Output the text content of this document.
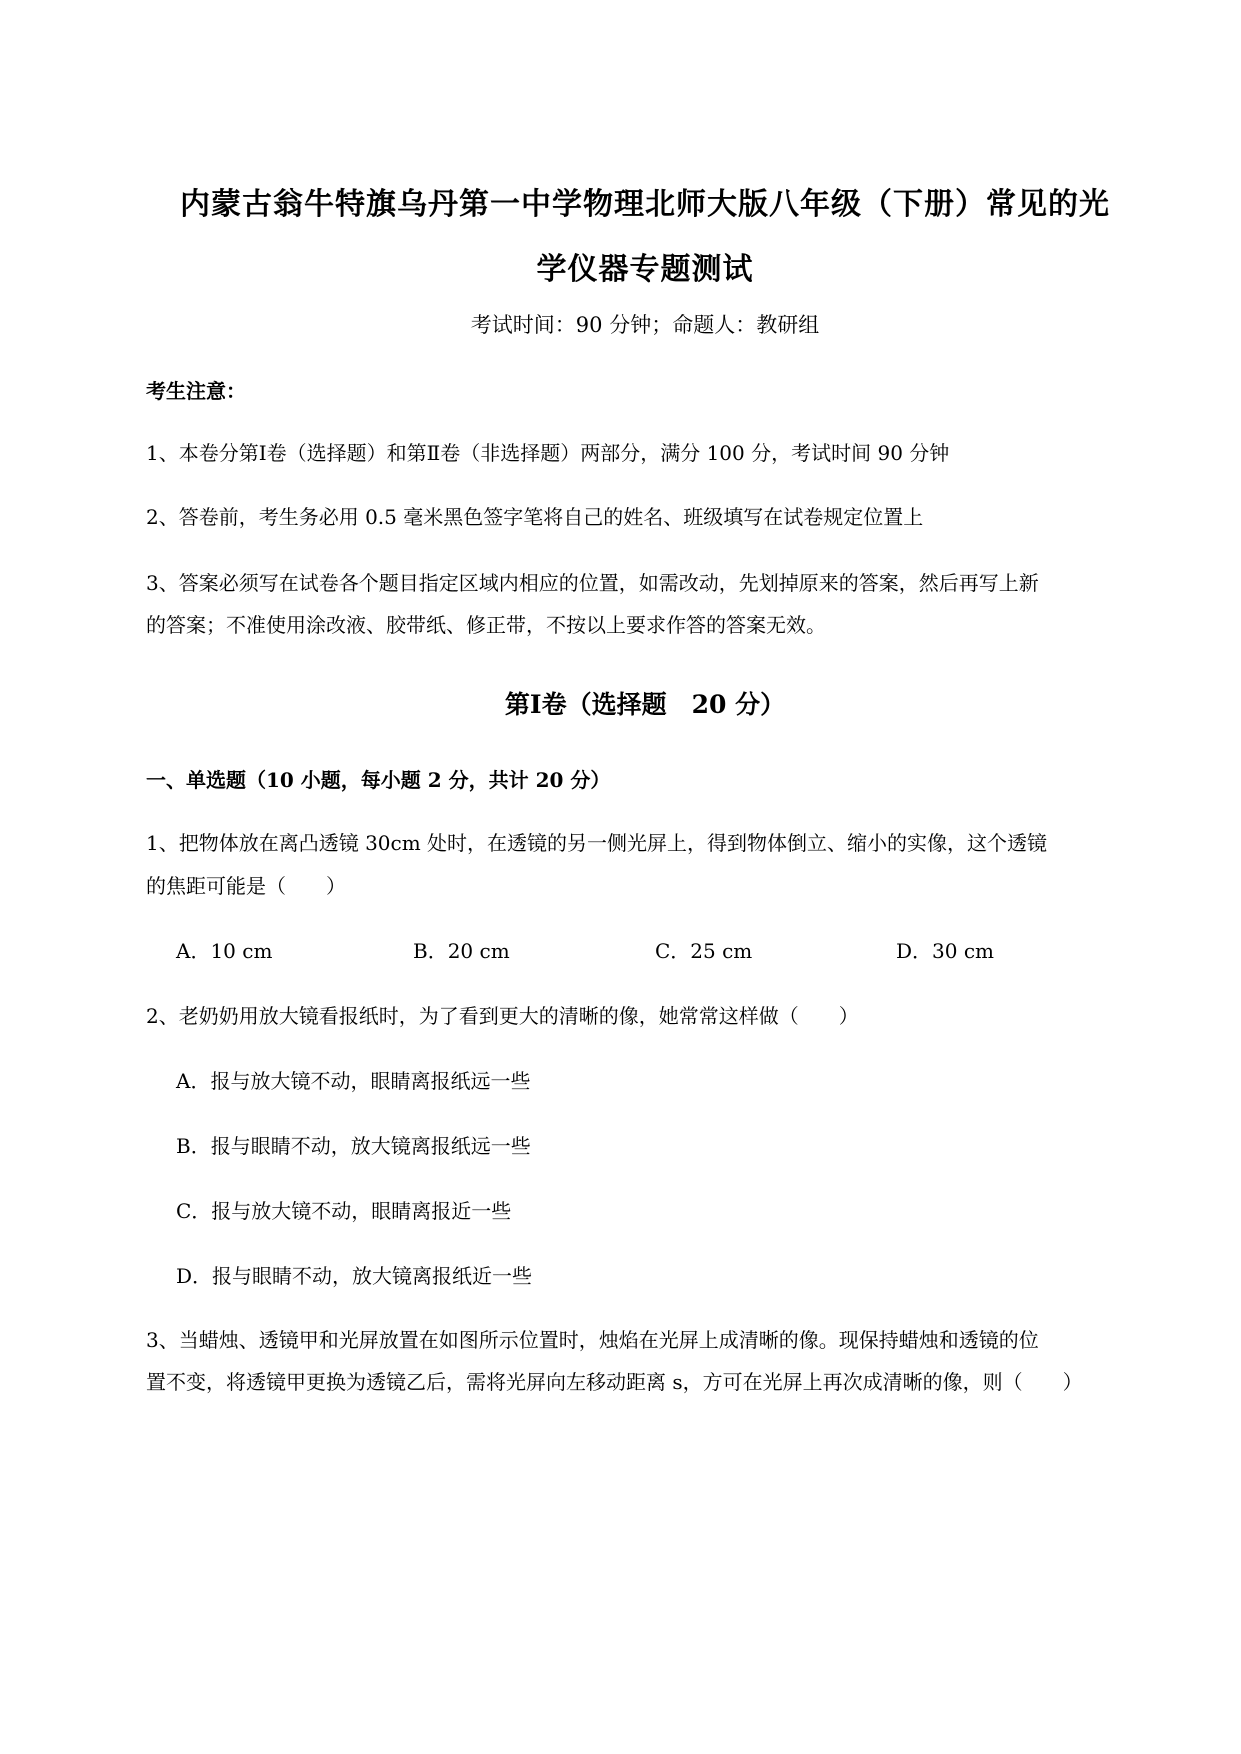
内蒙古翁牛特旗乌丹第一中学物理北师大版八年级（下册）常见的光
学仪器专题测试
考试时间：90 分钟；命题人：教研组
考生注意：
1、本卷分第Ⅰ卷（选择题）和第Ⅱ卷（非选择题）两部分，满分 100 分，考试时间 90 分钟
2、答卷前，考生务必用 0.5 毫米黑色签字笔将自己的姓名、班级填写在试卷规定位置上
3、答案必须写在试卷各个题目指定区域内相应的位置，如需改动，先划掉原来的答案，然后再写上新
的答案；不准使用涂改液、胶带纸、修正带，不按以上要求作答的答案无效。
第Ⅰ卷（选择题　20 分）
一、单选题（10 小题，每小题 2 分，共计 20 分）
1、把物体放在离凸透镜 30cm 处时，在透镜的另一侧光屏上，得到物体倒立、缩小的实像，这个透镜
的焦距可能是（　　）
A．10 cm	B．20 cm	C．25 cm	D．30 cm
2、老奶奶用放大镜看报纸时，为了看到更大的清晰的像，她常常这样做（　　）
A．报与放大镜不动，眼睛离报纸远一些
B．报与眼睛不动，放大镜离报纸远一些
C．报与放大镜不动，眼睛离报近一些
D．报与眼睛不动，放大镜离报纸近一些
3、当蜡烛、透镜甲和光屏放置在如图所示位置时，烛焰在光屏上成清晰的像。现保持蜡烛和透镜的位
置不变，将透镜甲更换为透镜乙后，需将光屏向左移动距离 s，方可在光屏上再次成清晰的像，则（　　）
